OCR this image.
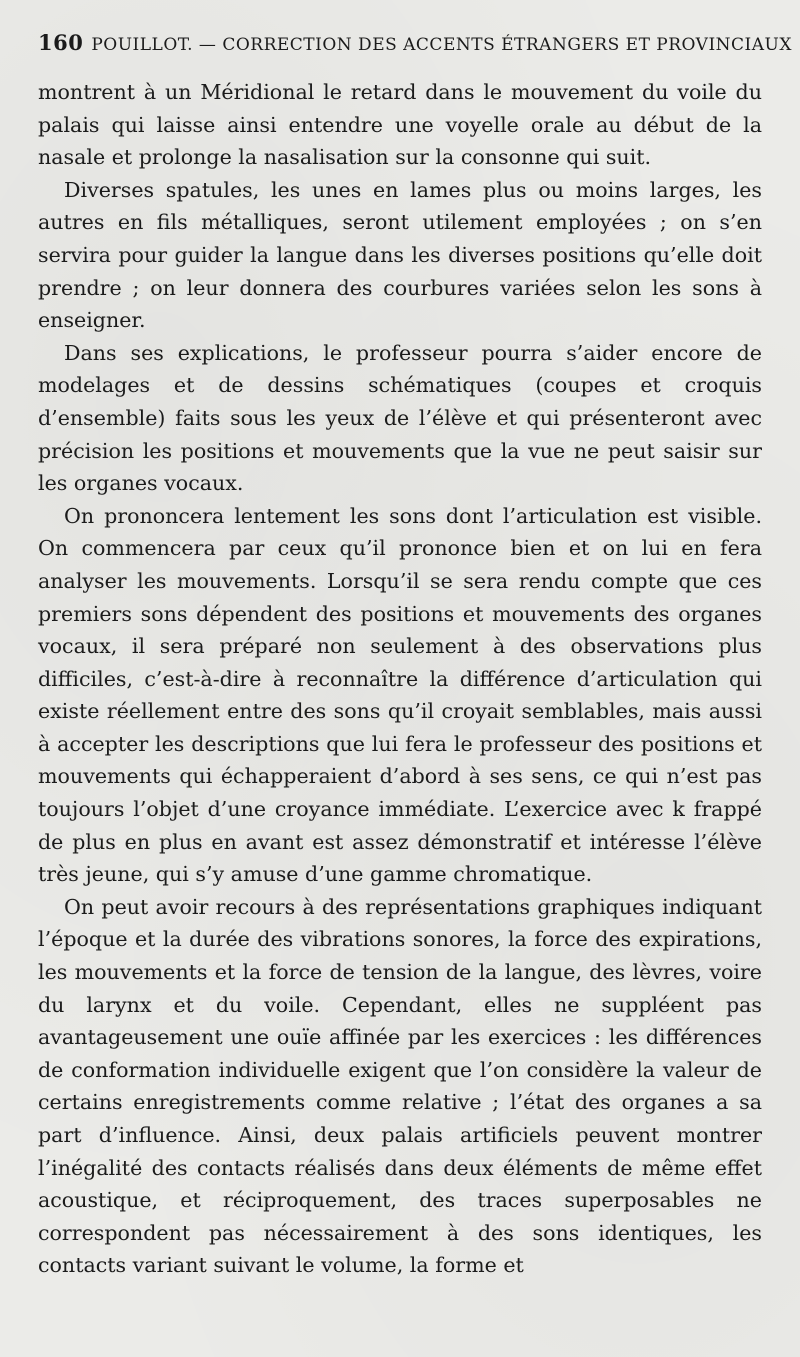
160 POUILLOT. — CORRECTION DES ACCENTS ÉTRANGERS ET PROVINCIAUX

montrent à un Méridional le retard dans le mouvement du voile du palais qui laisse ainsi entendre une voyelle orale au début de la nasale et prolonge la nasalisation sur la consonne qui suit.

Diverses spatules, les unes en lames plus ou moins larges, les autres en fils métalliques, seront utilement employées ; on s’en servira pour guider la langue dans les diverses positions qu’elle doit prendre ; on leur donnera des courbures variées selon les sons à enseigner.

Dans ses explications, le professeur pourra s’aider encore de modelages et de dessins schématiques (coupes et croquis d’ensemble) faits sous les yeux de l’élève et qui présenteront avec précision les positions et mouvements que la vue ne peut saisir sur les organes vocaux.

On prononcera lentement les sons dont l’articulation est visible. On commencera par ceux qu’il prononce bien et on lui en fera analyser les mouvements. Lorsqu’il se sera rendu compte que ces premiers sons dépendent des positions et mouvements des organes vocaux, il sera préparé non seulement à des observations plus difficiles, c’est-à-dire à reconnaître la différence d’articulation qui existe réellement entre des sons qu’il croyait semblables, mais aussi à accepter les descriptions que lui fera le professeur des positions et mouvements qui échapperaient d’abord à ses sens, ce qui n’est pas toujours l’objet d’une croyance immédiate. L’exercice avec k frappé de plus en plus en avant est assez démonstratif et intéresse l’élève très jeune, qui s’y amuse d’une gamme chromatique.

On peut avoir recours à des représentations graphiques indiquant l’époque et la durée des vibrations sonores, la force des expirations, les mouvements et la force de tension de la langue, des lèvres, voire du larynx et du voile. Cependant, elles ne suppléent pas avantageusement une ouïe affinée par les exercices : les différences de conformation individuelle exigent que l’on considère la valeur de certains enregistrements comme relative ; l’état des organes a sa part d’influence. Ainsi, deux palais artificiels peuvent montrer l’inégalité des contacts réalisés dans deux éléments de même effet acoustique, et réciproquement, des traces superposables ne correspondent pas nécessairement à des sons identiques, les contacts variant suivant le volume, la forme et
